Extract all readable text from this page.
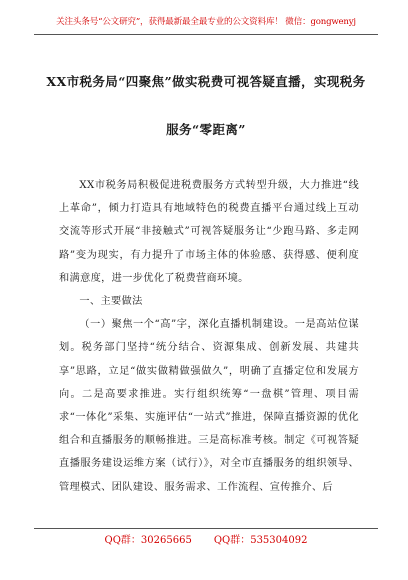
关注头条号“公文研究”，获得最新最全最专业的公文资料库！ 微信：gongwenyj
XX市税务局“四聚焦”做实税费可视答疑直播，实现税务
服务“零距离”

XX市税务局积极促进税费服务方式转型升级，大力推进“线上革命”，倾力打造具有地域特色的税费直播平台通过线上互动交流等形式开展“非接触式”可视答疑服务让“少跑马路、多走网路”变为现实，有力提升了市场主体的体验感、获得感、便利度和满意度，进一步优化了税费营商环境。

一、主要做法

（一）聚焦一个“高”字，深化直播机制建设。一是高站位谋划。税务部门坚持“统分结合、资源集成、创新发展、共建共享”思路，立足“做实做精做强做久”，明确了直播定位和发展方向。二是高要求推进。实行组织统筹“一盘棋”管理、项目需求“一体化”采集、实施评估“一站式”推进，保障直播资源的优化组合和直播服务的顺畅推进。三是高标准考核。制定《可视答疑直播服务建设运维方案（试行）》，对全市直播服务的组织领导、管理模式、团队建设、服务需求、工作流程、宣传推介、后

QQ群：30265665 QQ群：535304092
